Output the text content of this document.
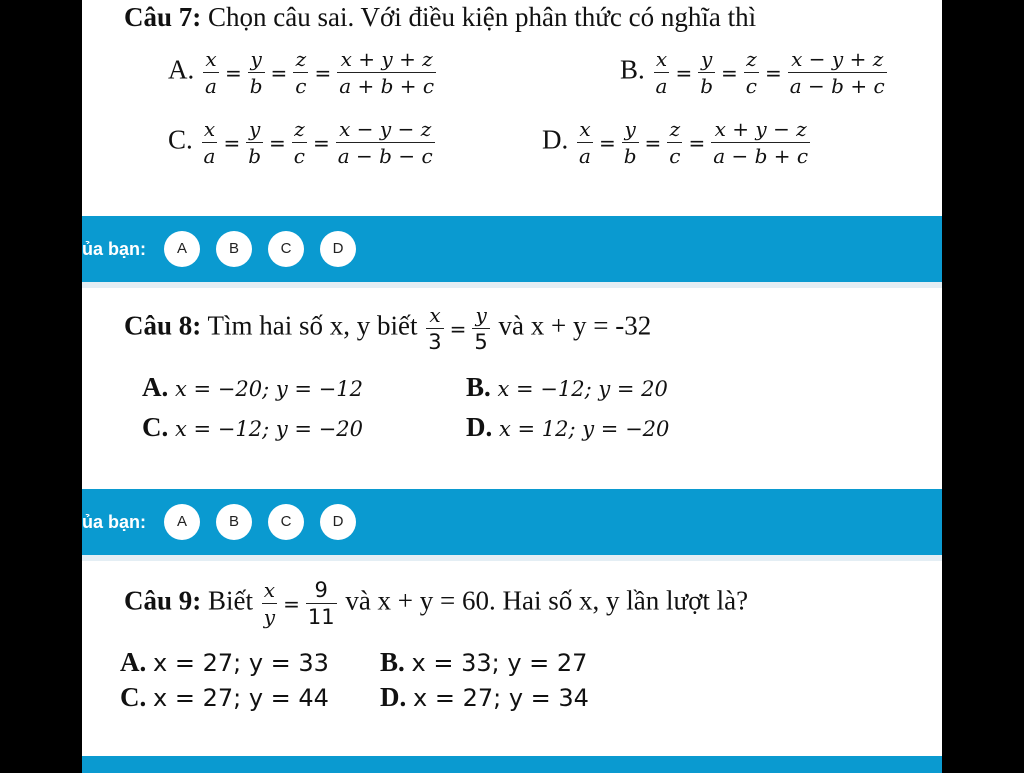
Câu 7: Chọn câu sai. Với điều kiện phân thức có nghĩa thì
A. $\frac{x}{a} = \frac{y}{b} = \frac{z}{c} = \frac{x + y + z}{a + b + c}$	B. $\frac{x}{a} = \frac{y}{b} = \frac{z}{c} = \frac{x - y + z}{a - b + c}$
C. $\frac{x}{a} = \frac{y}{b} = \frac{z}{c} = \frac{x - y - z}{a - b - c}$	D. $\frac{x}{a} = \frac{y}{b} = \frac{z}{c} = \frac{x + y - z}{a - b + c}$
ủa bạn:	A	B	C	D
Câu 8: Tìm hai số x, y biết $\frac{x}{3} = \frac{y}{5}$ và x + y = -32
A. x = −20; y = −12	B. x = −12; y = 20
C. x = −12; y = −20	D. x = 12; y = −20
ủa bạn:	A	B	C	D
Câu 9: Biết $\frac{x}{y} = \frac{9}{11}$ và x + y = 60. Hai số x, y lần lượt là?
A. x = 27; y = 33 B. x = 33; y = 27
C. x = 27; y = 44 D. x = 27; y = 34
